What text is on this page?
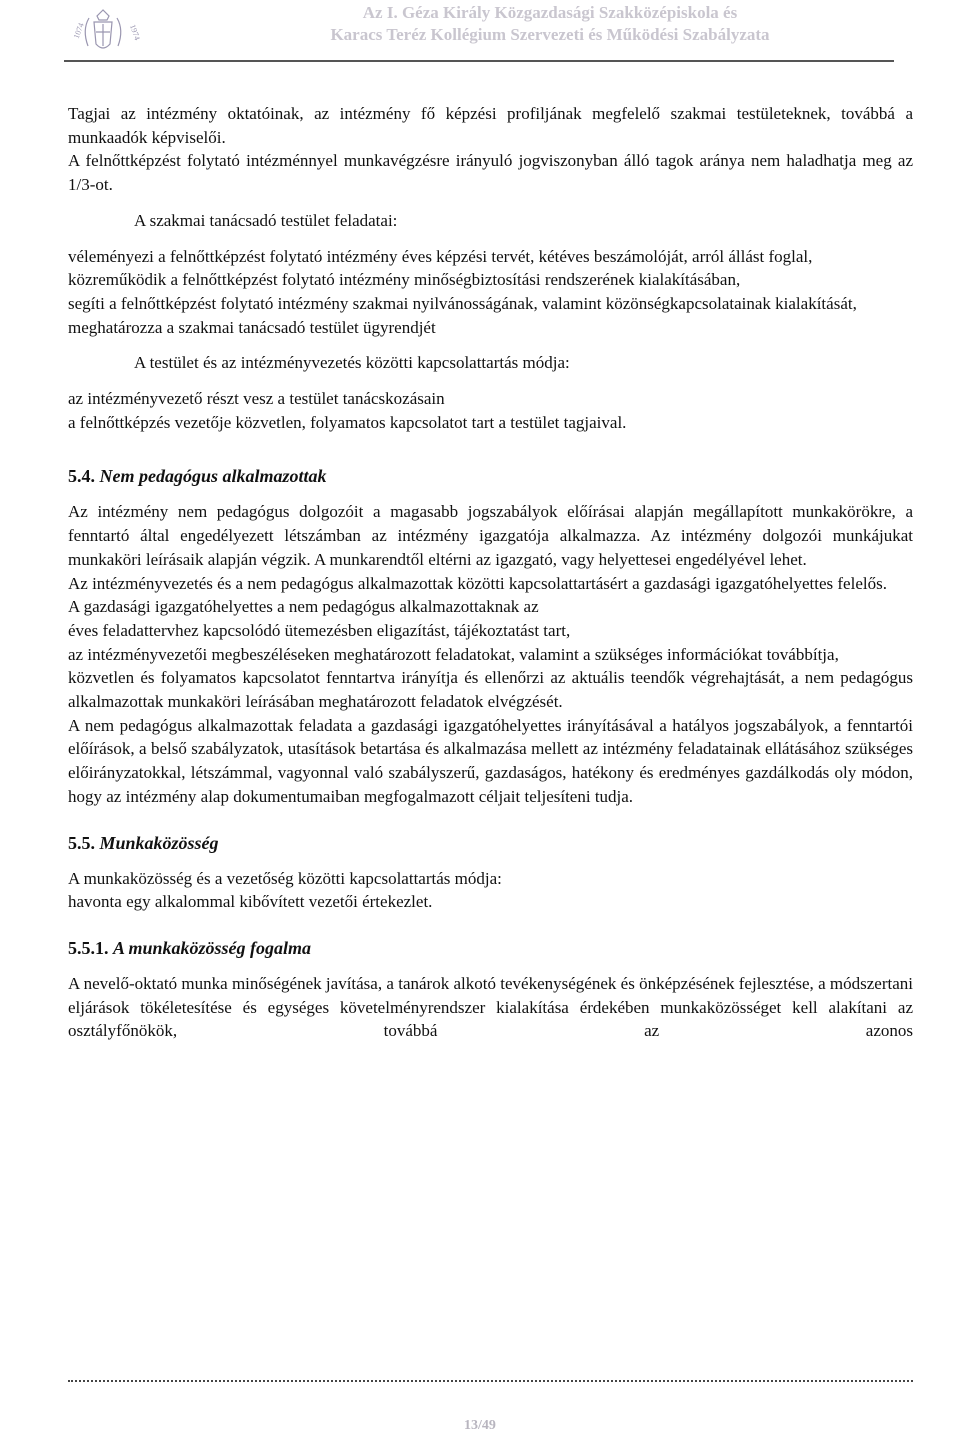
1074	1974
Az I. Géza Király Közgazdasági Szakközépiskola és
Karacs Teréz Kollégium Szervezeti és Működési Szabályzata

Tagjai az intézmény oktatóinak, az intézmény fő képzési profiljának megfelelő szakmai testületeknek, továbbá a munkaadók képviselői.

A felnőttképzést folytató intézménnyel munkavégzésre irányuló jogviszonyban álló tagok aránya nem haladhatja meg az 1/3-ot.

A szakmai tanácsadó testület feladatai:

véleményezi a felnőttképzést folytató intézmény éves képzési tervét, kétéves beszámolóját, arról állást foglal,

közreműködik a felnőttképzést folytató intézmény minőségbiztosítási rendszerének kialakításában,

segíti a felnőttképzést folytató intézmény szakmai nyilvánosságának, valamint közönségkapcsolatainak kialakítását,

meghatározza a szakmai tanácsadó testület ügyrendjét

A testület és az intézményvezetés közötti kapcsolattartás módja:

az intézményvezető részt vesz a testület tanácskozásain

a felnőttképzés vezetője közvetlen, folyamatos kapcsolatot tart a testület tagjaival.

5.4. Nem pedagógus alkalmazottak

Az intézmény nem pedagógus dolgozóit a magasabb jogszabályok előírásai alapján megállapított munkakörökre, a fenntartó által engedélyezett létszámban az intézmény igazgatója alkalmazza. Az intézmény dolgozói munkájukat munkaköri leírásaik alapján végzik. A munkarendtől eltérni az igazgató, vagy helyettesei engedélyével lehet.

Az intézményvezetés és a nem pedagógus alkalmazottak közötti kapcsolattartásért a gazdasági igazgatóhelyettes felelős.

A gazdasági igazgatóhelyettes a nem pedagógus alkalmazottaknak az

éves feladattervhez kapcsolódó ütemezésben eligazítást, tájékoztatást tart,

az intézményvezetői megbeszéléseken meghatározott feladatokat, valamint a szükséges információkat továbbítja,

közvetlen és folyamatos kapcsolatot fenntartva irányítja és ellenőrzi az aktuális teendők végrehajtását, a nem pedagógus alkalmazottak munkaköri leírásában meghatározott feladatok elvégzését.

A nem pedagógus alkalmazottak feladata a gazdasági igazgatóhelyettes irányításával a hatályos jogszabályok, a fenntartói előírások, a belső szabályzatok, utasítások betartása és alkalmazása mellett az intézmény feladatainak ellátásához szükséges előirányzatokkal, létszámmal, vagyonnal való szabályszerű, gazdaságos, hatékony és eredményes gazdálkodás oly módon, hogy az intézmény alap dokumentumaiban megfogalmazott céljait teljesíteni tudja.

5.5. Munkaközösség

A munkaközösség és a vezetőség közötti kapcsolattartás módja:

havonta egy alkalommal kibővített vezetői értekezlet.

5.5.1. A munkaközösség fogalma

A nevelő-oktató munka minőségének javítása, a tanárok alkotó tevékenységének és önképzésének fejlesztése, a módszertani eljárások tökéletesítése és egységes követelményrendszer kialakítása érdekében munkaközösséget kell alakítani az osztályfőnökök, továbbá az azonos

13/49
